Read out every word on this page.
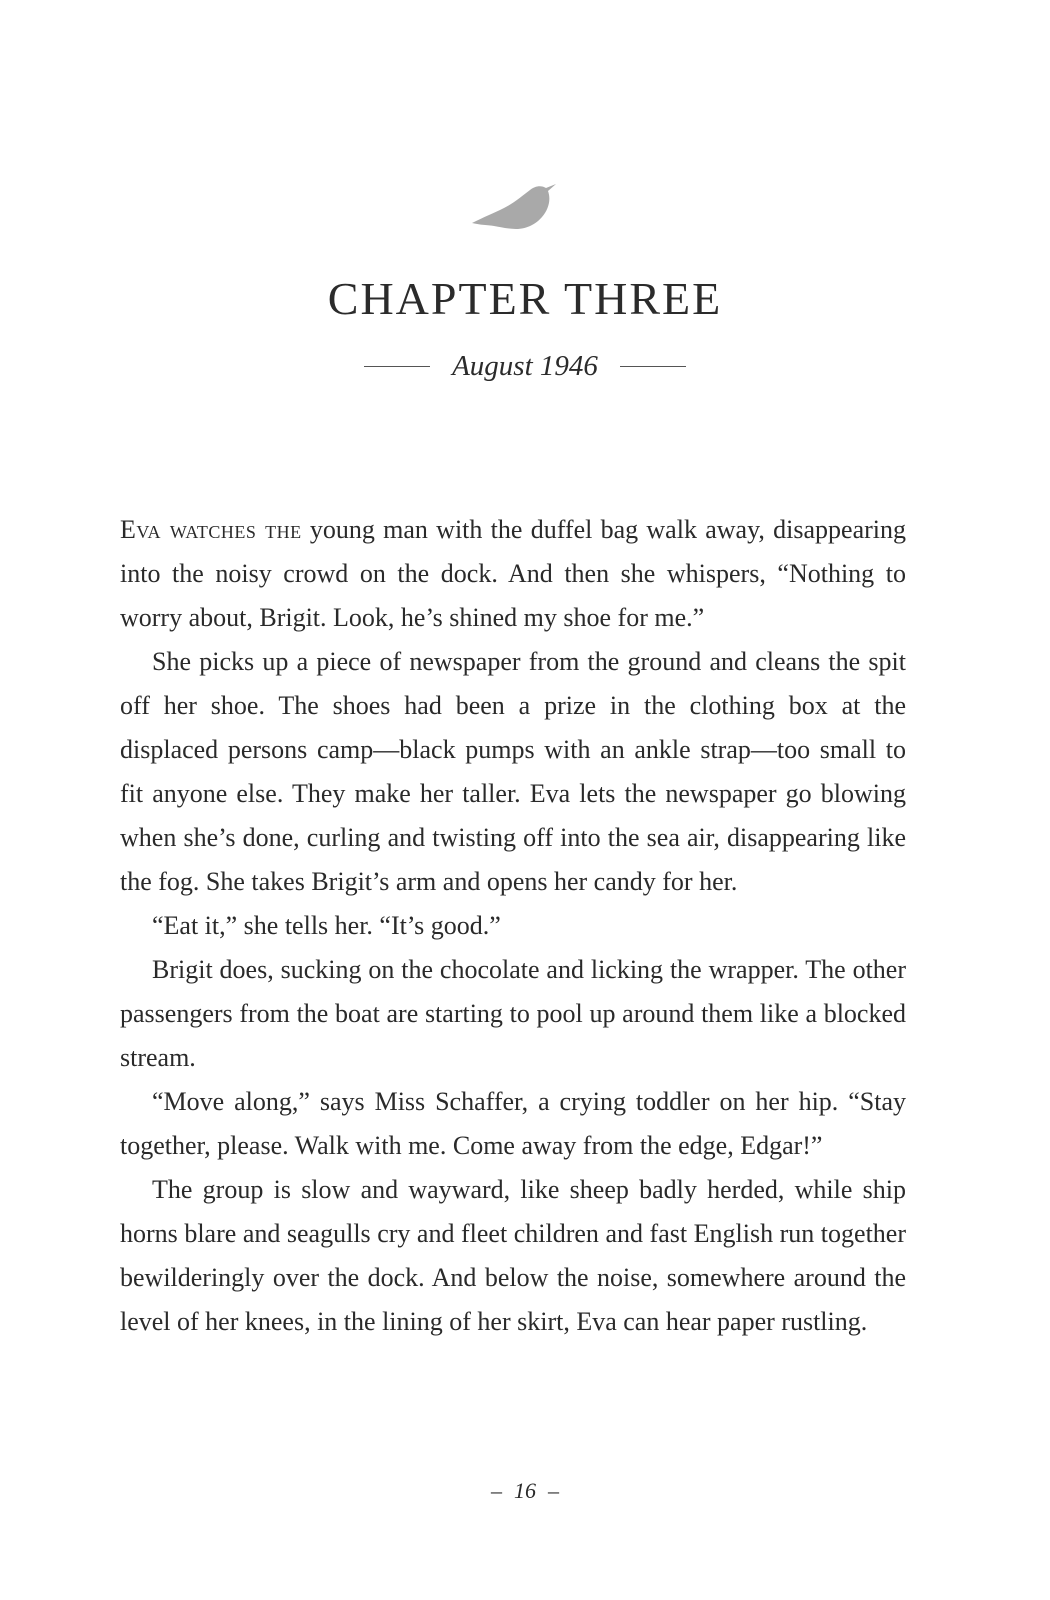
CHAPTER THREE
August 1946

Eva watches the young man with the duffel bag walk away, disappearing into the noisy crowd on the dock. And then she whispers, “Nothing to worry about, Brigit. Look, he’s shined my shoe for me.”

She picks up a piece of newspaper from the ground and cleans the spit off her shoe. The shoes had been a prize in the clothing box at the displaced persons camp—black pumps with an ankle strap—too small to fit anyone else. They make her taller. Eva lets the newspaper go blowing when she’s done, curling and twisting off into the sea air, disappearing like the fog. She takes Brigit’s arm and opens her candy for her.

“Eat it,” she tells her. “It’s good.”

Brigit does, sucking on the chocolate and licking the wrapper. The other passengers from the boat are starting to pool up around them like a blocked stream.

“Move along,” says Miss Schaffer, a crying toddler on her hip. “Stay together, please. Walk with me. Come away from the edge, Edgar!”

The group is slow and wayward, like sheep badly herded, while ship horns blare and seagulls cry and fleet children and fast English run together bewilderingly over the dock. And below the noise, somewhere around the level of her knees, in the lining of her skirt, Eva can hear paper rustling.

– 16 –
